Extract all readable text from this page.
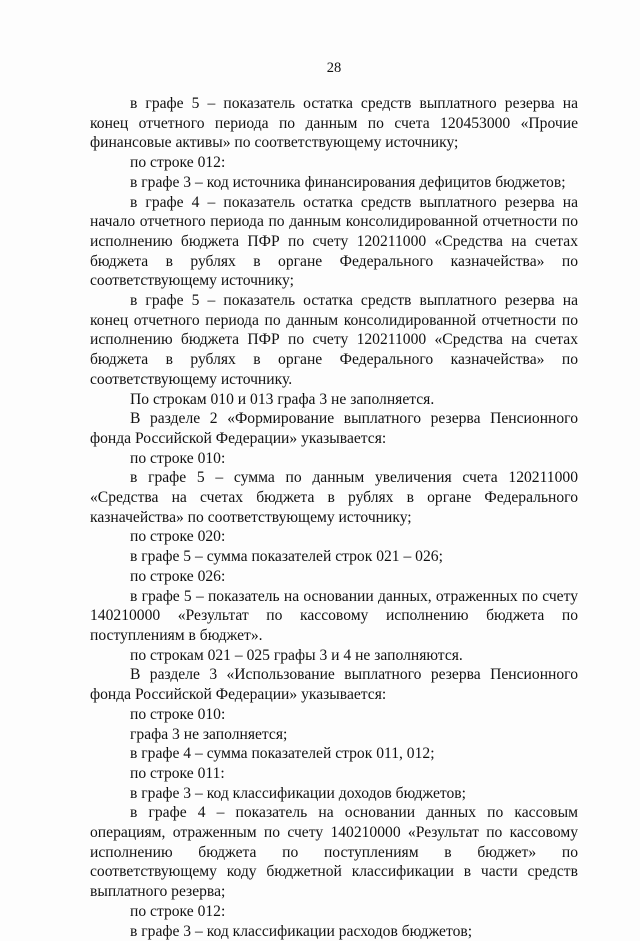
28

в графе 5 – показатель остатка средств выплатного резерва на конец отчетного периода по данным по счета 120453000 «Прочие финансовые активы» по соответствующему источнику;

по строке 012:

в графе 3 – код источника финансирования дефицитов бюджетов;

в графе 4 – показатель остатка средств выплатного резерва на начало отчетного периода по данным консолидированной отчетности по исполнению бюджета ПФР по счету 120211000 «Средства на счетах бюджета в рублях в органе Федерального казначейства» по соответствующему источнику;

в графе 5 – показатель остатка средств выплатного резерва на конец отчетного периода по данным консолидированной отчетности по исполнению бюджета ПФР по счету 120211000 «Средства на счетах бюджета в рублях в органе Федерального казначейства» по соответствующему источнику.

По строкам 010 и 013 графа 3 не заполняется.

В разделе 2 «Формирование выплатного резерва Пенсионного фонда Российской Федерации» указывается:

по строке 010:

в графе 5 – сумма по данным увеличения счета 120211000 «Средства на счетах бюджета в рублях в органе Федерального казначейства» по соответствующему источнику;

по строке 020:

в графе 5 – сумма показателей строк 021 – 026;

по строке 026:

в графе 5 – показатель на основании данных, отраженных по счету 140210000 «Результат по кассовому исполнению бюджета по поступлениям в бюджет».

по строкам 021 – 025 графы 3 и 4 не заполняются.

В разделе 3 «Использование выплатного резерва Пенсионного фонда Российской Федерации» указывается:

по строке 010:

графа 3 не заполняется;

в графе 4 – сумма показателей строк 011, 012;

по строке 011:

в графе 3 – код классификации доходов бюджетов;

в графе 4 – показатель на основании данных по кассовым операциям, отраженным по счету 140210000 «Результат по кассовому исполнению бюджета по поступлениям в бюджет» по соответствующему коду бюджетной классификации в части средств выплатного резерва;

по строке 012:

в графе 3 – код классификации расходов бюджетов;
